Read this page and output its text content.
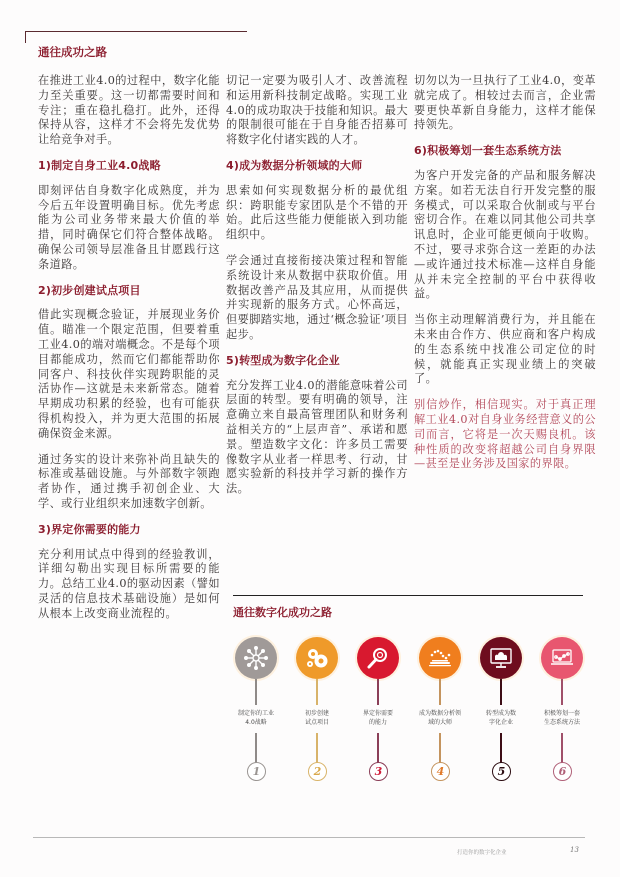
通往成功之路

在推进工业4.0的过程中，数字化能力至关重要。这一切都需要时间和专注；重在稳扎稳打。此外，还得保持从容，这样才不会将先发优势让给竞争对手。

1)制定自身工业4.0战略

即刻评估自身数字化成熟度，并为今后五年设置明确目标。优先考虑能为公司业务带来最大价值的举措，同时确保它们符合整体战略。确保公司领导层准备且甘愿践行这条道路。

2)初步创建试点项目

借此实现概念验证，并展现业务价值。瞄准一个限定范围，但要着重工业4.0的端对端概念。不是每个项目都能成功，然而它们都能帮助你同客户、科技伙伴实现跨职能的灵活协作—这就是未来新常态。随着早期成功积累的经验，也有可能获得机构投入，并为更大范围的拓展确保资金来源。

通过务实的设计来弥补尚且缺失的标准或基础设施。与外部数字领跑者协作，通过携手初创企业、大学、或行业组织来加速数字创新。

3)界定你需要的能力

充分利用试点中得到的经验教训，详细勾勒出实现目标所需要的能力。总结工业4.0的驱动因素（譬如灵活的信息技术基础设施）是如何从根本上改变商业流程的。

切记一定要为吸引人才、改善流程和运用新科技制定战略。实现工业4.0的成功取决于技能和知识。最大的限制很可能在于自身能否招募可将数字化付诸实践的人才。

4)成为数据分析领域的大师

思索如何实现数据分析的最优组织：跨职能专家团队是个不错的开始。此后这些能力便能嵌入到功能组织中。

学会通过直接衔接决策过程和智能系统设计来从数据中获取价值。用数据改善产品及其应用，从而提供并实现新的服务方式。心怀高远，但要脚踏实地，通过‘概念验证’项目起步。

5)转型成为数字化企业

充分发挥工业4.0的潜能意味着公司层面的转型。要有明确的领导，注意确立来自最高管理团队和财务利益相关方的“上层声音”、承诺和愿景。塑造数字文化：许多员工需要像数字从业者一样思考、行动，甘愿实验新的科技并学习新的操作方法。

切勿以为一旦执行了工业4.0，变革就完成了。相较过去而言，企业需要更快革新自身能力，这样才能保持领先。

6)积极筹划一套生态系统方法

为客户开发完备的产品和服务解决方案。如若无法自行开发完整的服务模式，可以采取合伙制或与平台密切合作。在难以同其他公司共享讯息时，企业可能更倾向于收购。不过，要寻求弥合这一差距的办法—或许通过技术标准—这样自身能从并未完全控制的平台中获得收益。

当你主动理解消费行为，并且能在未来由合作方、供应商和客户构成的生态系统中找准公司定位的时候，就能真正实现业绩上的突破了。

别信炒作，相信现实。对于真正理解工业4.0对自身业务经营意义的公司而言，它将是一次天赐良机。该种性质的改变将超越公司自身界限—甚至是业务涉及国家的界限。

通往数字化成功之路
制定你的工业
4.0战略
1
初步创建
试点项目
2
界定你需要
的能力
3
成为数据分析领
域的大师
4
转型成为数
字化企业
5
积极筹划一套
生态系统方法
6
打造你的数字化企业	13
